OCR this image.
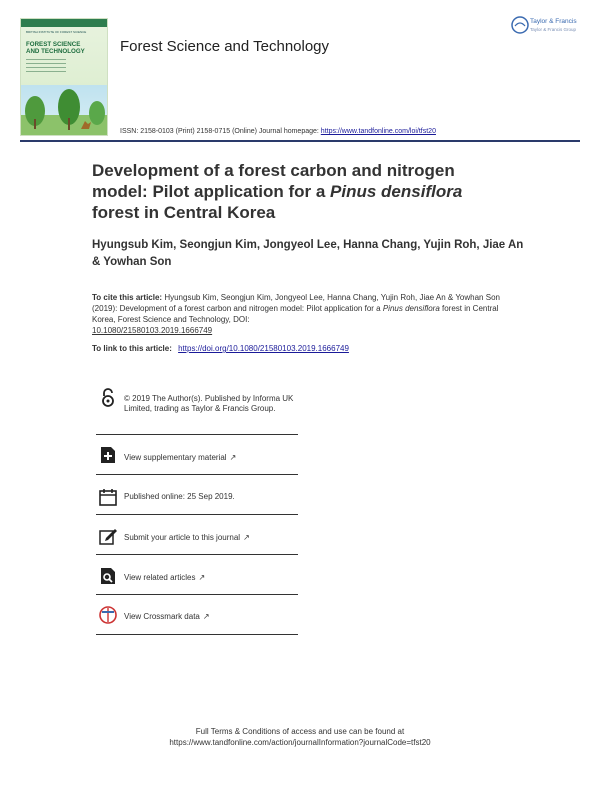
BRITISH INSTITUTE OF FOREST SCIENCE
FOREST SCIENCE
AND TECHNOLOGY	Forest Science and Technology
Taylor & Francis
Taylor & Francis Group
ISSN: 2158-0103 (Print) 2158-0715 (Online) Journal homepage: https://www.tandfonline.com/loi/tfst20
Development of a forest carbon and nitrogen
model: Pilot application for a Pinus densiflora
forest in Central Korea
Hyungsub Kim, Seongjun Kim, Jongyeol Lee, Hanna Chang, Yujin Roh, Jiae An
& Yowhan Son
To cite this article: Hyungsub Kim, Seongjun Kim, Jongyeol Lee, Hanna Chang, Yujin Roh, Jiae An & Yowhan Son (2019): Development of a forest carbon and nitrogen model: Pilot application for a Pinus densiflora forest in Central Korea, Forest Science and Technology, DOI:
10.1080/21580103.2019.1666749
To link to this article: https://doi.org/10.1080/21580103.2019.1666749
© 2019 The Author(s). Published by Informa UK Limited, trading as Taylor & Francis Group.
View supplementary material ↗
Published online: 25 Sep 2019.
Submit your article to this journal ↗
View related articles ↗
View Crossmark data ↗
Full Terms & Conditions of access and use can be found at
https://www.tandfonline.com/action/journalInformation?journalCode=tfst20
